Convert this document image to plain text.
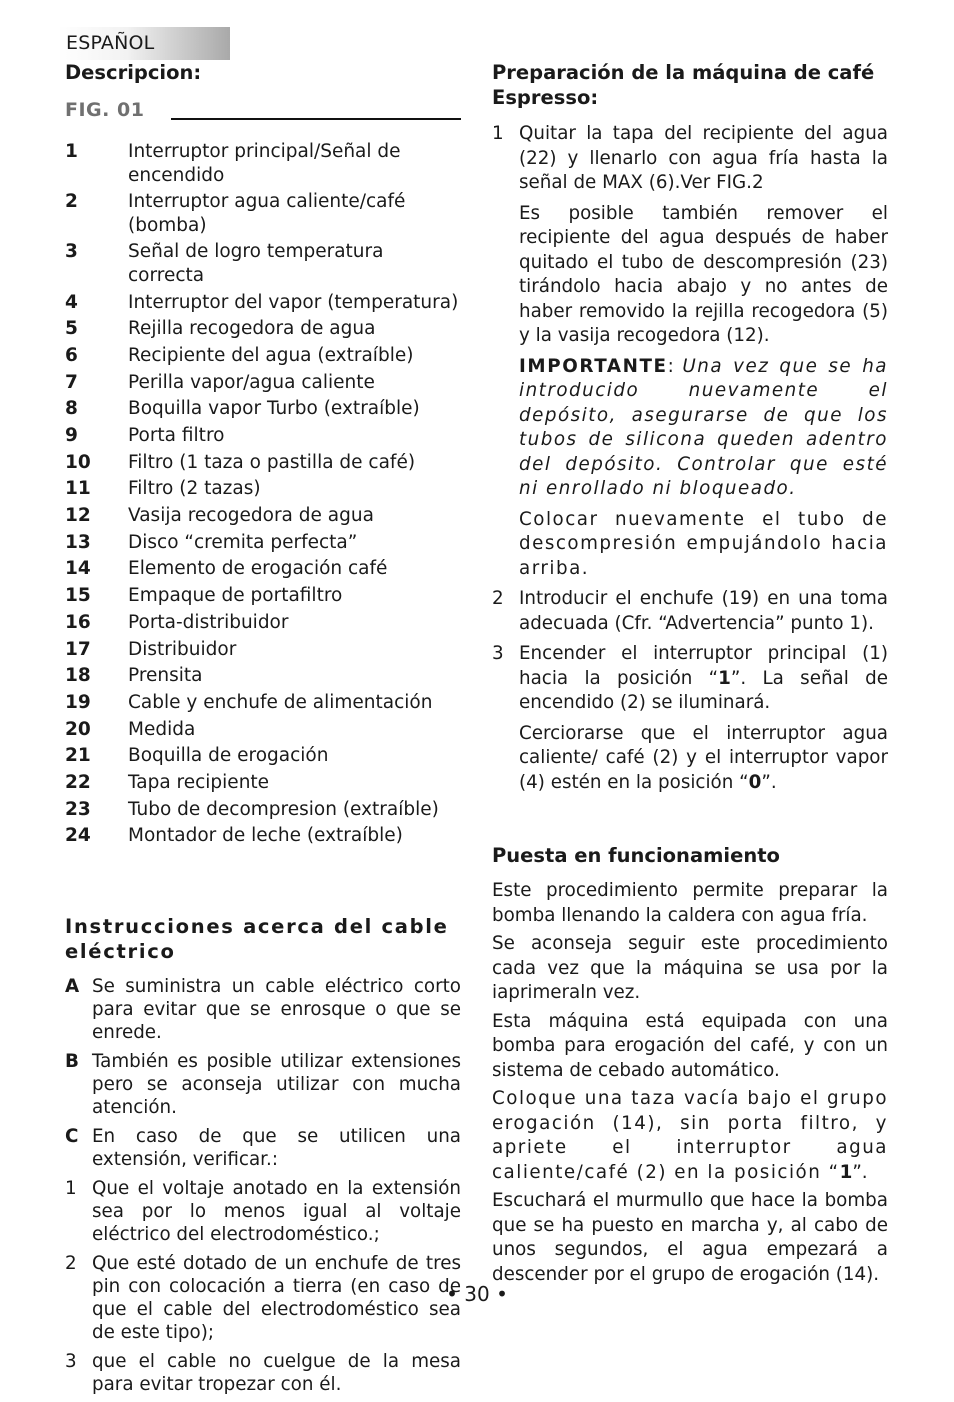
ESPAÑOL
Descripcion:
FIG. 01
1	Interruptor principal/Señal de encendido
2	Interruptor agua caliente/café (bomba)
3	Señal de logro temperatura correcta
4	Interruptor del vapor (temperatura)
5	Rejilla recogedora de agua
6	Recipiente del agua (extraíble)
7	Perilla vapor/agua caliente
8	Boquilla vapor Turbo (extraíble)
9	Porta filtro
10 Filtro (1 taza o pastilla de café)
11 Filtro (2 tazas)
12 Vasija recogedora de agua
13 Disco “cremita perfecta”
14 Elemento de erogación café
15 Empaque de portafiltro
16 Porta-distribuidor
17 Distribuidor
18 Prensita
19 Cable y enchufe de alimentación
20 Medida
21 Boquilla de erogación
22 Tapa recipiente
23 Tubo de decompresion (extraíble)
24 Montador de leche (extraíble)
Instrucciones acerca del cable eléctrico
A Se suministra un cable eléctrico corto para evitar que se enrosque o que se enrede.
B También es posible utilizar extensiones pero se aconseja utilizar con mucha atención.
C En caso de que se utilicen una extensión, verificar.:
1 Que el voltaje anotado en la extensión sea por lo menos igual al voltaje eléctrico del electrodoméstico.;
2 Que esté dotado de un enchufe de tres pin con colocación a tierra (en caso de que el cable del electrodoméstico sea de este tipo);
3 que el cable no cuelgue de la mesa para evitar tropezar con él.
Preparación de la máquina de café Espresso:
1 Quitar la tapa del recipiente del agua (22) y llenarlo con agua fría hasta la señal de MAX (6).Ver FIG.2

Es posible también remover el recipiente del agua después de haber quitado el tubo de descompresión (23) tirándolo hacia abajo y no antes de haber removido la rejilla recogedora (5) y la vasija recogedora (12).

IMPORTANTE: Una vez que se ha introducido nuevamente el depósito, asegurarse de que los tubos de silicona queden adentro del depósito. Controlar que esté ni enrollado ni bloqueado.

Colocar nuevamente el tubo de descompresión empujándolo hacia arriba.

2 Introducir el enchufe (19) en una toma adecuada (Cfr. “Advertencia” punto 1).

3 Encender el interruptor principal (1) hacia la posición “1”. La señal de encendido (2) se iluminará.

Cerciorarse que el interruptor agua caliente/ café (2) y el interruptor vapor (4) estén en la posición “0”.

Puesta en funcionamiento

Este procedimiento permite preparar la bomba llenando la caldera con agua fría.

Se aconseja seguir este procedimiento cada vez que la máquina se usa por la iaprimeraln vez.

Esta máquina está equipada con una bomba para erogación del café, y con un sistema de cebado automático.

Coloque una taza vacía bajo el grupo erogación (14), sin porta filtro, y apriete el interruptor agua caliente/café (2) en la posición “1”.

Escuchará el murmullo que hace la bomba que se ha puesto en marcha y, al cabo de unos segundos, el agua empezará a descender por el grupo de erogación (14).

• 30 •
